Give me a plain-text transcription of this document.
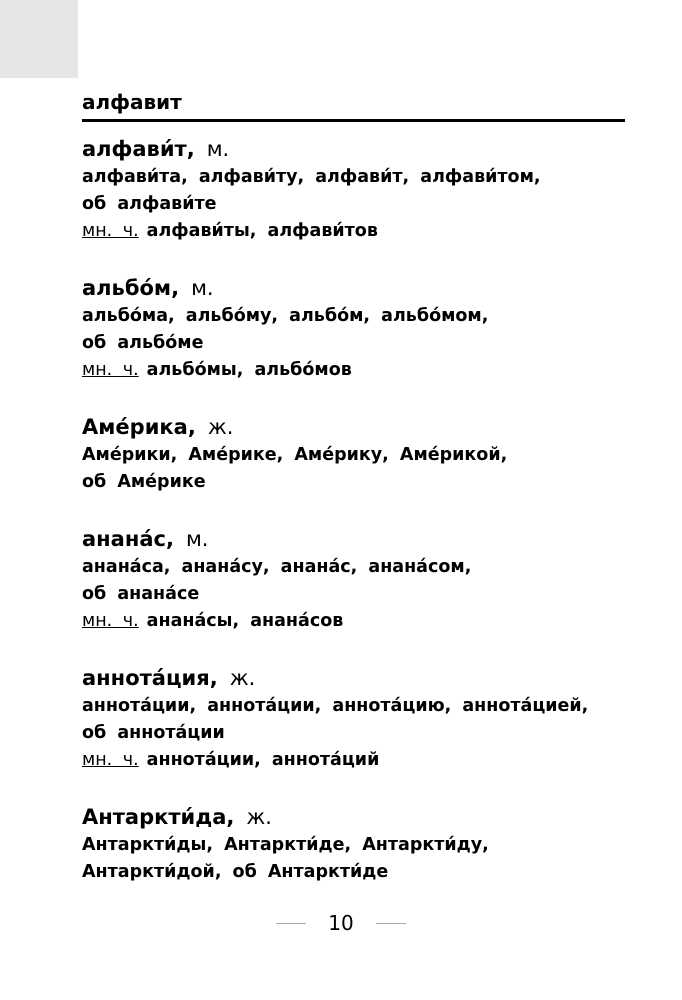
алфавит
алфави́т, м.
алфави́та, алфави́ту, алфави́т, алфави́том,
об алфави́те
мн. ч. алфави́ты, алфави́тов
альбо́м, м.
альбо́ма, альбо́му, альбо́м, альбо́мом,
об альбо́ме
мн. ч. альбо́мы, альбо́мов
Аме́рика, ж.
Аме́рики, Аме́рике, Аме́рику, Аме́рикой,
об Аме́рике
анана́с, м.
анана́са, анана́су, анана́с, анана́сом,
об анана́се
мн. ч. анана́сы, анана́сов
аннота́ция, ж.
аннота́ции, аннота́ции, аннота́цию, аннота́цией,
об аннота́ции
мн. ч. аннота́ции, аннота́ций
Антаркти́да, ж.
Антаркти́ды, Антаркти́де, Антаркти́ду,
Антаркти́дой, об Антаркти́де
10
